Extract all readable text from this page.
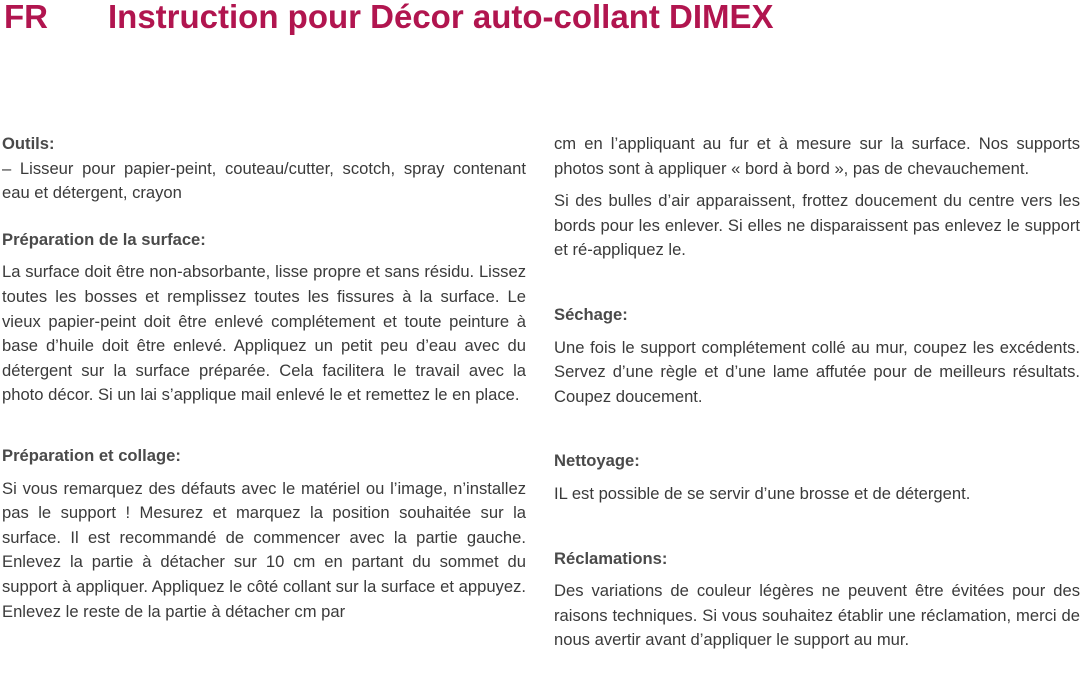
FR Instruction pour Décor auto-collant DIMEX
Outils:

– Lisseur pour papier-peint, couteau/cutter, scotch, spray contenant eau et détergent, crayon

Préparation de la surface:

La surface doit être non-absorbante, lisse propre et sans résidu. Lissez toutes les bosses et remplissez toutes les fissures à la surface. Le vieux papier-peint doit être enlevé complétement et toute peinture à base d’huile doit être enlevé. Appliquez un petit peu d’eau avec du détergent sur la surface préparée. Cela facilitera le travail avec la photo décor. Si un lai s’applique mail enlevé le et remettez le en place.

Préparation et collage:

Si vous remarquez des défauts avec le matériel ou l’image, n’installez pas le support ! Mesurez et marquez la position souhaitée sur la surface. Il est recommandé de commencer avec la partie gauche. Enlevez la partie à détacher sur 10 cm en partant du sommet du support à appliquer. Appliquez le côté collant sur la surface et appuyez. Enlevez le reste de la partie à détacher cm par

cm en l’appliquant au fur et à mesure sur la surface. Nos supports photos sont à appliquer « bord à bord », pas de chevauchement.

Si des bulles d’air apparaissent, frottez doucement du centre vers les bords pour les enlever. Si elles ne disparaissent pas enlevez le support et ré-appliquez le.

Séchage:

Une fois le support complétement collé au mur, coupez les excédents. Servez d’une règle et d’une lame affutée pour de meilleurs résultats. Coupez doucement.

Nettoyage:

IL est possible de se servir d’une brosse et de détergent.

Réclamations:

Des variations de couleur légères ne peuvent être évitées pour des raisons techniques. Si vous souhaitez établir une réclamation, merci de nous avertir avant d’appliquer le support au mur.
